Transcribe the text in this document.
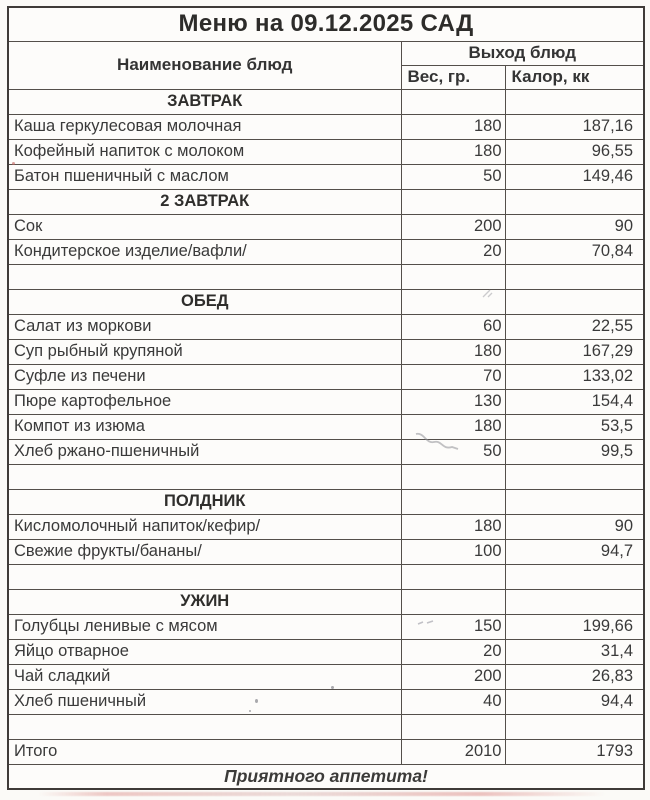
Меню на 09.12.2025 САД		
Наименование блюд	Выход блюд	
	Вес, гр.	Калор, кк
ЗАВТРАК		
Каша геркулесовая молочная	180	187,16
Кофейный напиток с молоком	180	96,55
Батон пшеничный с маслом	50	149,46
2 ЗАВТРАК		
Сок	200	90
Кондитерское изделие/вафли/	20	70,84

ОБЕД		
Салат из моркови	60	22,55
Суп рыбный крупяной	180	167,29
Суфле из печени	70	133,02
Пюре картофельное	130	154,4
Компот из изюма	180	53,5
Хлеб ржано-пшеничный	50	99,5

ПОЛДНИК		
Кисломолочный напиток/кефир/	180	90
Свежие фрукты/бананы/	100	94,7

УЖИН		
Голубцы ленивые с мясом	150	199,66
Яйцо отварное	20	31,4
Чай сладкий	200	26,83
Хлеб пшеничный	40	94,4

Итого	2010	1793
Приятного аппетита!		
